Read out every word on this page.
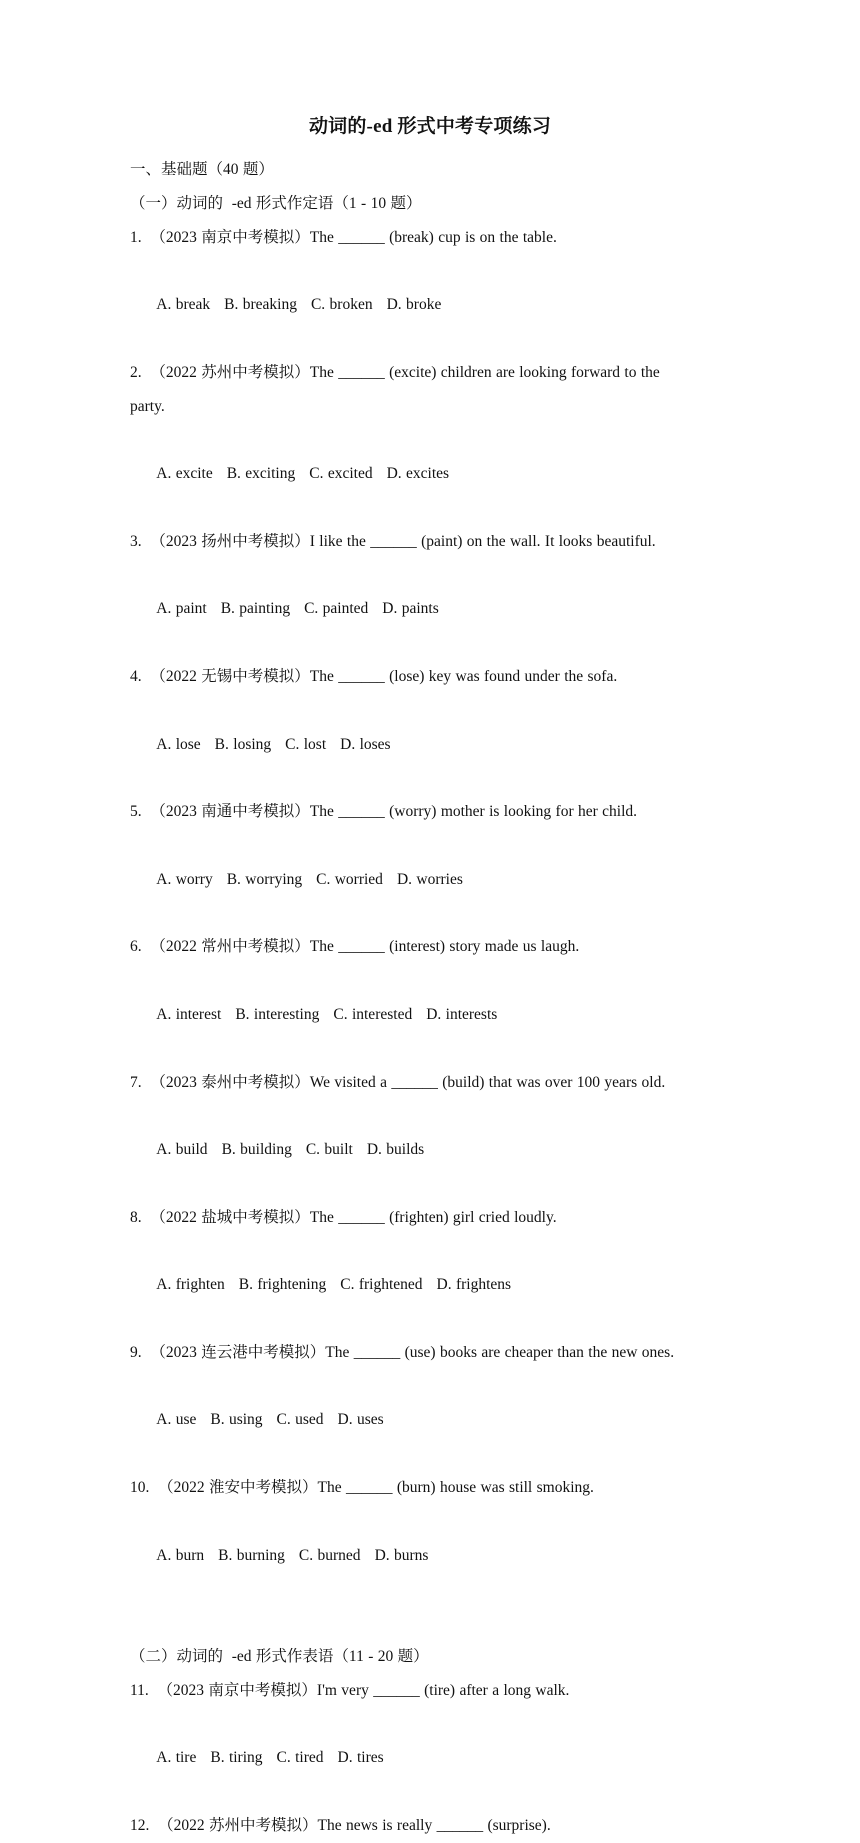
动词的-ed 形式中考专项练习
一、基础题（40 题）
（一）动词的  -ed 形式作定语（1 - 10 题）
1.  （2023 南京中考模拟）The ______ (break) cup is on the table.

A. break B. breaking C. broken D. broke

2.  （2022 苏州中考模拟）The ______ (excite) children are looking forward to the
party.

A. excite B. exciting C. excited D. excites

3.  （2023 扬州中考模拟）I like the ______ (paint) on the wall. It looks beautiful.

A. paint B. painting C. painted D. paints

4.  （2022 无锡中考模拟）The ______ (lose) key was found under the sofa.

A. lose B. losing C. lost D. loses

5.  （2023 南通中考模拟）The ______ (worry) mother is looking for her child.

A. worry B. worrying C. worried D. worries

6.  （2022 常州中考模拟）The ______ (interest) story made us laugh.

A. interest B. interesting C. interested D. interests

7.  （2023 泰州中考模拟）We visited a ______ (build) that was over 100 years old.

A. build B. building C. built D. builds

8.  （2022 盐城中考模拟）The ______ (frighten) girl cried loudly.

A. frighten B. frightening C. frightened D. frightens

9.  （2023 连云港中考模拟）The ______ (use) books are cheaper than the new ones.

A. use B. using C. used D. uses

10.  （2022 淮安中考模拟）The ______ (burn) house was still smoking.

A. burn B. burning C. burned D. burns

（二）动词的  -ed 形式作表语（11 - 20 题）
11.  （2023 南京中考模拟）I'm very ______ (tire) after a long walk.

A. tire B. tiring C. tired D. tires

12.  （2022 苏州中考模拟）The news is really ______ (surprise).
